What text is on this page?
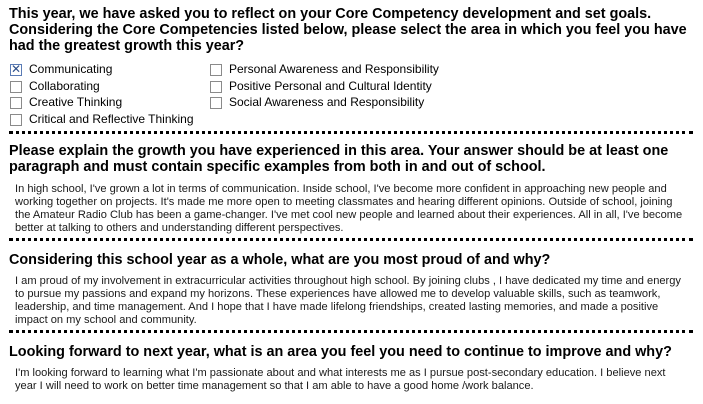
This year, we have asked you to reflect on your Core Competency development and set goals. Considering the Core Competencies listed below, please select the area in which you feel you have had the greatest growth this year?

✕ Communicating
Collaborating
Creative Thinking
Critical and Reflective Thinking
Personal Awareness and Responsibility
Positive Personal and Cultural Identity
Social Awareness and Responsibility

Please explain the growth you have experienced in this area. Your answer should be at least one paragraph and must contain specific examples from both in and out of school.

In high school, I've grown a lot in terms of communication. Inside school, I've become more confident in approaching new people and working together on projects. It's made me more open to meeting classmates and hearing different opinions. Outside of school, joining the Amateur Radio Club has been a game-changer. I've met cool new people and learned about their experiences. All in all, I've become better at talking to others and understanding different perspectives.

Considering this school year as a whole, what are you most proud of and why?

I am proud of my involvement in extracurricular activities throughout high school. By joining clubs , I have dedicated my time and energy to pursue my passions and expand my horizons. These experiences have allowed me to develop valuable skills, such as teamwork, leadership, and time management. And I hope that I have made lifelong friendships, created lasting memories, and made a positive impact on my school and community.

Looking forward to next year, what is an area you feel you need to continue to improve and why?

I'm looking forward to learning what I'm passionate about and what interests me as I pursue post-secondary education. I believe next year I will need to work on better time management so that I am able to have a good home /work balance.
